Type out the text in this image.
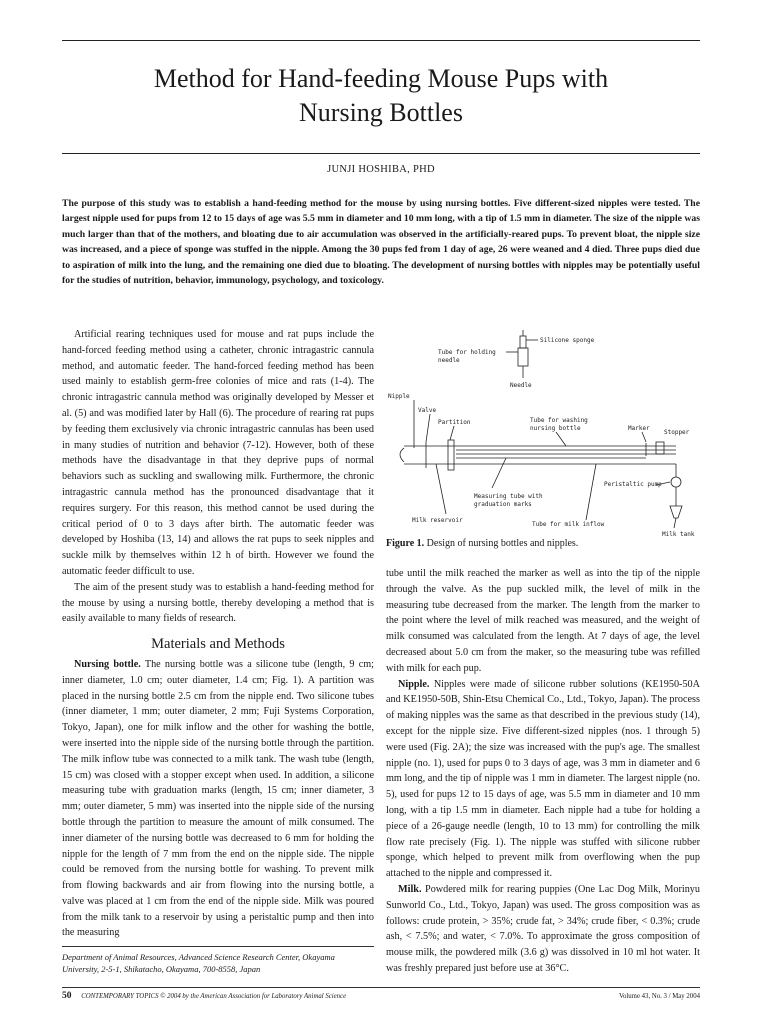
Method for Hand-feeding Mouse Pups with
Nursing Bottles
JUNJI HOSHIBA, PHD
The purpose of this study was to establish a hand-feeding method for the mouse by using nursing bottles. Five different-sized nipples were tested. The largest nipple used for pups from 12 to 15 days of age was 5.5 mm in diameter and 10 mm long, with a tip of 1.5 mm in diameter. The size of the nipple was much larger than that of the mothers, and bloating due to air accumulation was observed in the artificially-reared pups. To prevent bloat, the nipple size was increased, and a piece of sponge was stuffed in the nipple. Among the 30 pups fed from 1 day of age, 26 were weaned and 4 died. Three pups died due to aspiration of milk into the lung, and the remaining one died due to bloating. The development of nursing bottles with nipples may be potentially useful for the studies of nutrition, behavior, immunology, psychology, and toxicology.

Artificial rearing techniques used for mouse and rat pups include the hand-forced feeding method using a catheter, chronic intragastric cannula method, and automatic feeder. The hand-forced feeding method has been used mainly to establish germ-free colonies of mice and rats (1-4). The chronic intragastric cannula method was originally developed by Messer et al. (5) and was modified later by Hall (6). The procedure of rearing rat pups by feeding them exclusively via chronic intragastric cannulas has been used in many studies of nutrition and behavior (7-12). However, both of these methods have the disadvantage in that they deprive pups of normal behaviors such as suckling and swallowing milk. Furthermore, the chronic intragastric cannula method has the pronounced disadvantage that it requires surgery. For this reason, this method cannot be used during the critical period of 0 to 3 days after birth. The automatic feeder was developed by Hoshiba (13, 14) and allows the rat pups to seek nipples and suckle milk by themselves within 12 h of birth. However we found the automatic feeder difficult to use.

The aim of the present study was to establish a hand-feeding method for the mouse by using a nursing bottle, thereby developing a method that is easily available to many fields of research.

Materials and Methods

Nursing bottle. The nursing bottle was a silicone tube (length, 9 cm; inner diameter, 1.0 cm; outer diameter, 1.4 cm; Fig. 1). A partition was placed in the nursing bottle 2.5 cm from the nipple end. Two silicone tubes (inner diameter, 1 mm; outer diameter, 2 mm; Fuji Systems Corporation, Tokyo, Japan), one for milk inflow and the other for washing the bottle, were inserted into the nipple side of the nursing bottle through the partition. The milk inflow tube was connected to a milk tank. The wash tube (length, 15 cm) was closed with a stopper except when used. In addition, a silicone measuring tube with graduation marks (length, 15 cm; inner diameter, 3 mm; outer diameter, 5 mm) was inserted into the nipple side of the nursing bottle through the partition to measure the amount of milk consumed. The inner diameter of the nursing bottle was decreased to 6 mm for holding the nipple for the length of 7 mm from the end on the nipple side. The nipple could be removed from the nursing bottle for washing. To prevent milk from flowing backwards and air from flowing into the nursing bottle, a valve was placed at 1 cm from the end of the nipple side. Milk was poured from the milk tank to a reservoir by using a peristaltic pump and then into the measuring

Silicone sponge
Tube for holding
needle
Needle
Nipple
Valve
Partition	Tube for washing
nursing bottle	Marker
Stopper
Peristaltic pump
Measuring tube with
graduation marks
Milk reservoir
Tube for milk inflow
Milk tank
Figure 1. Design of nursing bottles and nipples.

tube until the milk reached the marker as well as into the tip of the nipple through the valve. As the pup suckled milk, the level of milk in the measuring tube decreased from the marker. The length from the marker to the point where the level of milk reached was measured, and the weight of milk consumed was calculated from the length. At 7 days of age, the level decreased about 5.0 cm from the maker, so the measuring tube was refilled with milk for each pup.

Nipple. Nipples were made of silicone rubber solutions (KE1950-50A and KE1950-50B, Shin-Etsu Chemical Co., Ltd., Tokyo, Japan). The process of making nipples was the same as that described in the previous study (14), except for the nipple size. Five different-sized nipples (nos. 1 through 5) were used (Fig. 2A); the size was increased with the pup's age. The smallest nipple (no. 1), used for pups 0 to 3 days of age, was 3 mm in diameter and 6 mm long, and the tip of nipple was 1 mm in diameter. The largest nipple (no. 5), used for pups 12 to 15 days of age, was 5.5 mm in diameter and 10 mm long, with a tip 1.5 mm in diameter. Each nipple had a tube for holding a piece of a 26-gauge needle (length, 10 to 13 mm) for controlling the milk flow rate precisely (Fig. 1). The nipple was stuffed with silicone rubber sponge, which helped to prevent milk from overflowing when the pup attached to the nipple and compressed it.

Milk. Powdered milk for rearing puppies (One Lac Dog Milk, Morinyu Sunworld Co., Ltd., Tokyo, Japan) was used. The gross composition was as follows: crude protein, > 35%; crude fat, > 34%; crude fiber, < 0.3%; crude ash, < 7.5%; and water, < 7.0%. To approximate the gross composition of mouse milk, the powdered milk (3.6 g) was dissolved in 10 ml hot water. It was freshly prepared just before use at 36°C.

Department of Animal Resources, Advanced Science Research Center, Okayama University, 2-5-1, Shikatacho, Okayama, 700-8558, Japan
50 CONTEMPORARY TOPICS © 2004 by the American Association for Laboratory Animal Science	Volume 43, No. 3 / May 2004
